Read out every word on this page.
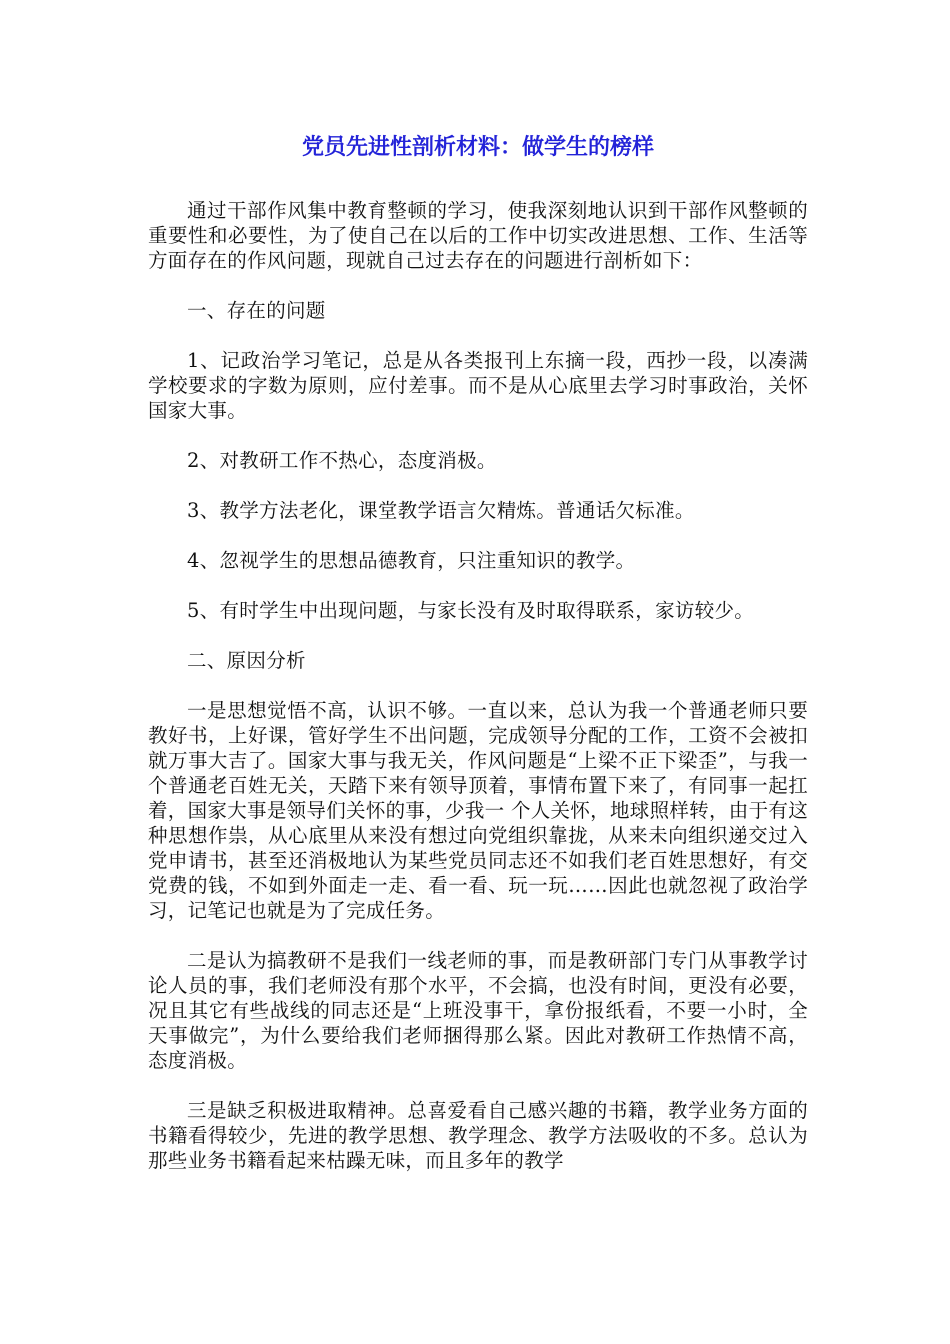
党员先进性剖析材料：做学生的榜样

通过干部作风集中教育整顿的学习，使我深刻地认识到干部作风整顿的重要性和必要性，为了使自己在以后的工作中切实改进思想、工作、生活等方面存在的作风问题，现就自己过去存在的问题进行剖析如下：

一、存在的问题

1、记政治学习笔记，总是从各类报刊上东摘一段，西抄一段，以凑满学校要求的字数为原则，应付差事。而不是从心底里去学习时事政治，关怀国家大事。

2、对教研工作不热心，态度消极。

3、教学方法老化，课堂教学语言欠精炼。普通话欠标准。

4、忽视学生的思想品德教育，只注重知识的教学。

5、有时学生中出现问题，与家长没有及时取得联系，家访较少。

二、原因分析

一是思想觉悟不高，认识不够。一直以来，总认为我一个普通老师只要教好书，上好课，管好学生不出问题，完成领导分配的工作，工资不会被扣就万事大吉了。国家大事与我无关，作风问题是“上梁不正下梁歪”，与我一个普通老百姓无关，天踏下来有领导顶着，事情布置下来了，有同事一起扛着，国家大事是领导们关怀的事，少我一 个人关怀，地球照样转，由于有这种思想作祟，从心底里从来没有想过向党组织靠拢，从来未向组织递交过入党申请书，甚至还消极地认为某些党员同志还不如我们老百姓思想好，有交党费的钱，不如到外面走一走、看一看、玩一玩……因此也就忽视了政治学习，记笔记也就是为了完成任务。

二是认为搞教研不是我们一线老师的事，而是教研部门专门从事教学讨论人员的事，我们老师没有那个水平，不会搞，也没有时间，更没有必要，况且其它有些战线的同志还是“上班没事干，拿份报纸看，不要一小时，全天事做完”，为什么要给我们老师捆得那么紧。因此对教研工作热情不高，态度消极。

三是缺乏积极进取精神。总喜爱看自己感兴趣的书籍，教学业务方面的书籍看得较少，先进的教学思想、教学理念、教学方法吸收的不多。总认为那些业务书籍看起来枯躁无味，而且多年的教学
